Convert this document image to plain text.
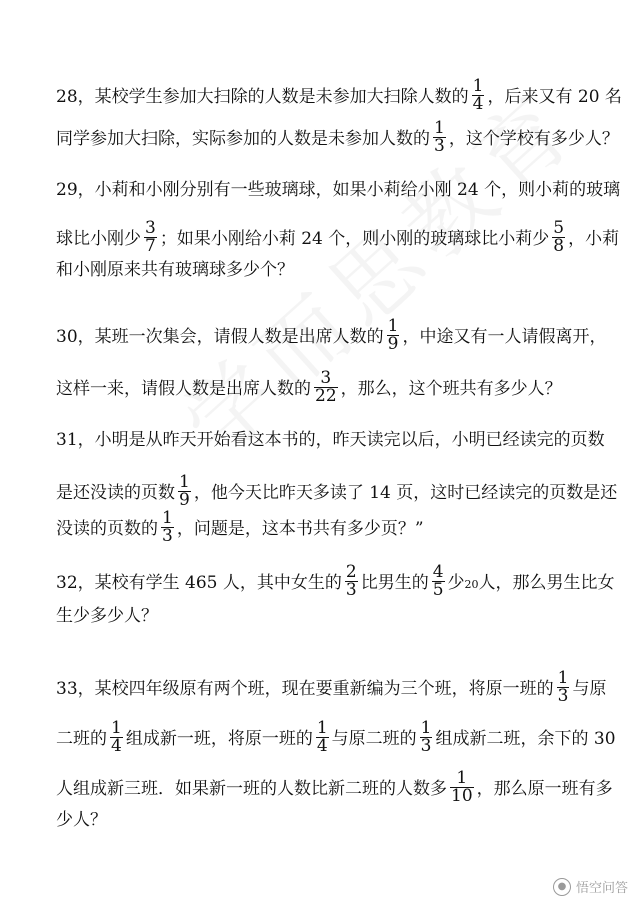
28，某校学生参加大扫除的人数是未参加大扫除人数的 $\frac{1}{4}$ ，后来又有 20 名
同学参加大扫除，实际参加的人数是未参加人数的 $\frac{1}{3}$ ，这个学校有多少人？
29，小莉和小刚分别有一些玻璃球，如果小莉给小刚 24 个，则小莉的玻璃
球比小刚少 $\frac{3}{7}$ ；如果小刚给小莉 24 个，则小刚的玻璃球比小莉少 $\frac{5}{8}$ ，小莉
和小刚原来共有玻璃球多少个？
30，某班一次集会，请假人数是出席人数的 $\frac{1}{9}$ ，中途又有一人请假离开，
这样一来，请假人数是出席人数的 $\frac{3}{22}$ ，那么，这个班共有多少人？
31，小明是从昨天开始看这本书的，昨天读完以后，小明已经读完的页数
是还没读的页数 $\frac{1}{9}$ ，他今天比昨天多读了 14 页，这时已经读完的页数是还
没读的页数的 $\frac{1}{3}$ ，问题是，这本书共有多少页？”
32，某校有学生 465 人，其中女生的 $\frac{2}{3}$ 比男生的 $\frac{4}{5}$ 少20人，那么男生比女
生少多少人？
33，某校四年级原有两个班，现在要重新编为三个班，将原一班的 $\frac{1}{3}$ 与原
二班的 $\frac{1}{4}$ 组成新一班，将原一班的 $\frac{1}{4}$ 与原二班的 $\frac{1}{3}$ 组成新二班，余下的 30
人组成新三班．如果新一班的人数比新二班的人数多 $\frac{1}{10}$ ，那么原一班有多
少人？
● 悟空问答
